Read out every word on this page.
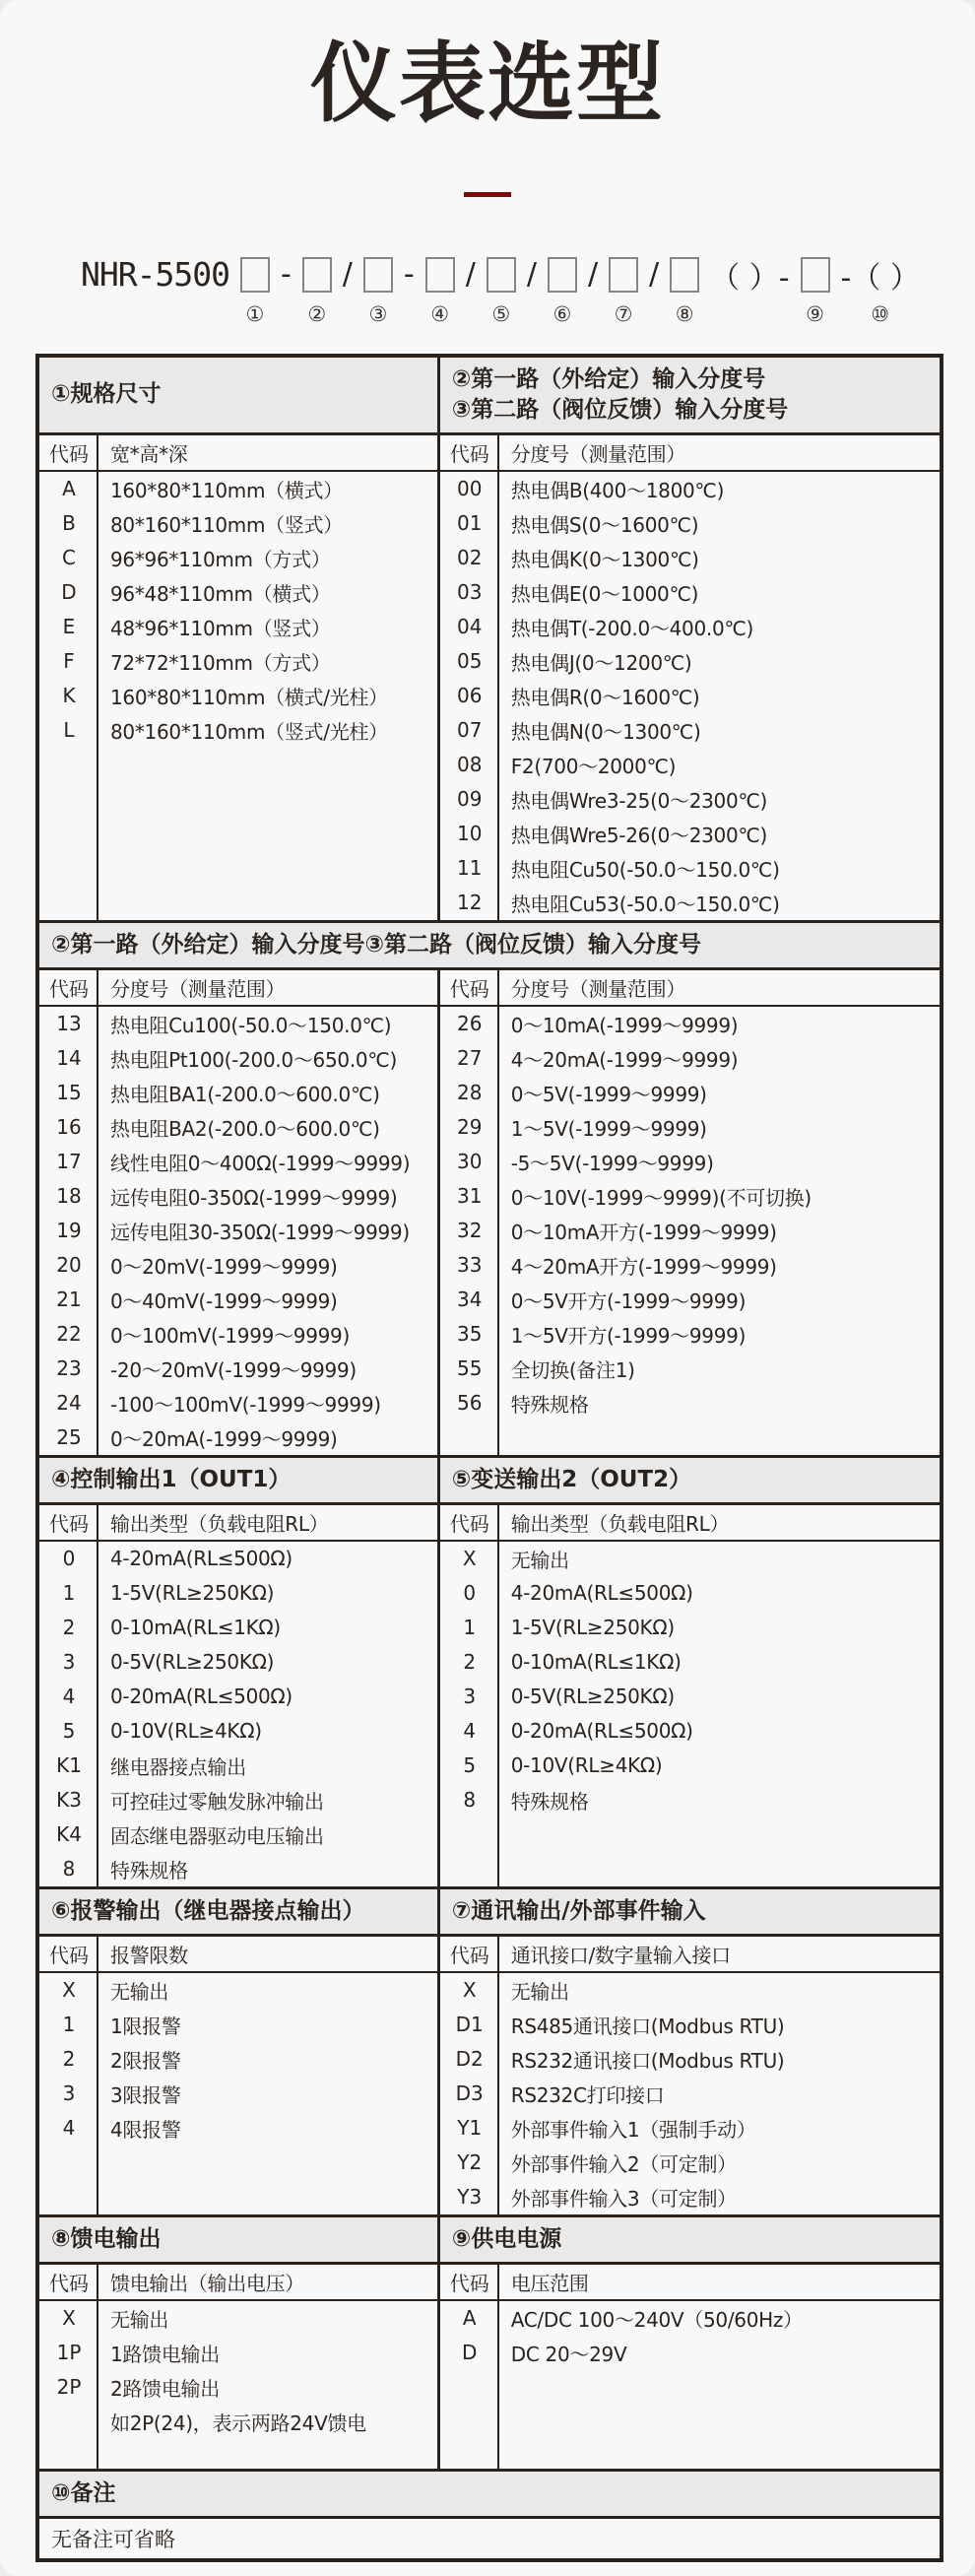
仪表选型
NHR-5500
①
-
②
/
③
-
④
/
⑤
/
⑥
/
⑦
/
⑧
（ ）-
⑨
-（ ）
⑩
①规格尺寸
②第一路（外给定）输入分度号
③第二路（阀位反馈）输入分度号
代码	宽*高*深
A	160*80*110mm（横式）
B	80*160*110mm（竖式）
C	96*96*110mm（方式）
D	96*48*110mm（横式）
E	48*96*110mm（竖式）
F	72*72*110mm（方式）
K	160*80*110mm（横式/光柱）
L	80*160*110mm（竖式/光柱）
代码	分度号（测量范围）
00	热电偶B(400～1800℃)
01	热电偶S(0～1600℃)
02	热电偶K(0～1300℃)
03	热电偶E(0～1000℃)
04	热电偶T(-200.0～400.0℃)
05	热电偶J(0～1200℃)
06	热电偶R(0～1600℃)
07	热电偶N(0～1300℃)
08	F2(700～2000℃)
09	热电偶Wre3-25(0～2300℃)
10	热电偶Wre5-26(0～2300℃)
11	热电阻Cu50(-50.0～150.0℃)
12	热电阻Cu53(-50.0～150.0℃)
②第一路（外给定）输入分度号③第二路（阀位反馈）输入分度号
代码	分度号（测量范围）
13	热电阻Cu100(-50.0～150.0℃)
14	热电阻Pt100(-200.0～650.0℃)
15	热电阻BA1(-200.0～600.0℃)
16	热电阻BA2(-200.0～600.0℃)
17	线性电阻0～400Ω(-1999～9999)
18	远传电阻0-350Ω(-1999～9999)
19	远传电阻30-350Ω(-1999～9999)
20	0～20mV(-1999～9999)
21	0～40mV(-1999～9999)
22	0～100mV(-1999～9999)
23	-20～20mV(-1999～9999)
24	-100～100mV(-1999～9999)
25	0～20mA(-1999～9999)
代码	分度号（测量范围）
26	0～10mA(-1999～9999)
27	4～20mA(-1999～9999)
28	0～5V(-1999～9999)
29	1～5V(-1999～9999)
30	-5～5V(-1999～9999)
31	0～10V(-1999～9999)(不可切换)
32	0～10mA开方(-1999～9999)
33	4～20mA开方(-1999～9999)
34	0～5V开方(-1999～9999)
35	1～5V开方(-1999～9999)
55	全切换(备注1)
56	特殊规格
④控制输出1（OUT1）	⑤变送输出2（OUT2）
代码	输出类型（负载电阻RL）
0	4-20mA(RL≤500Ω)
1	1-5V(RL≥250KΩ)
2	0-10mA(RL≤1KΩ)
3	0-5V(RL≥250KΩ)
4	0-20mA(RL≤500Ω)
5	0-10V(RL≥4KΩ)
K1	继电器接点输出
K3	可控硅过零触发脉冲输出
K4	固态继电器驱动电压输出
8	特殊规格
代码	输出类型（负载电阻RL）
X	无输出
0	4-20mA(RL≤500Ω)
1	1-5V(RL≥250KΩ)
2	0-10mA(RL≤1KΩ)
3	0-5V(RL≥250KΩ)
4	0-20mA(RL≤500Ω)
5	0-10V(RL≥4KΩ)
8	特殊规格
⑥报警输出（继电器接点输出）	⑦通讯输出/外部事件输入
代码	报警限数
X	无输出
1	1限报警
2	2限报警
3	3限报警
4	4限报警
代码	通讯接口/数字量输入接口
X	无输出
D1	RS485通讯接口(Modbus RTU)
D2	RS232通讯接口(Modbus RTU)
D3	RS232C打印接口
Y1	外部事件输入1（强制手动）
Y2	外部事件输入2（可定制）
Y3	外部事件输入3（可定制）
⑧馈电输出	⑨供电电源
代码	馈电输出（输出电压）
X	无输出
1P	1路馈电输出
2P	2路馈电输出
如2P(24)，表示两路24V馈电
代码	电压范围
A	AC/DC 100～240V（50/60Hz）
D	DC 20～29V
⑩备注
无备注可省略
